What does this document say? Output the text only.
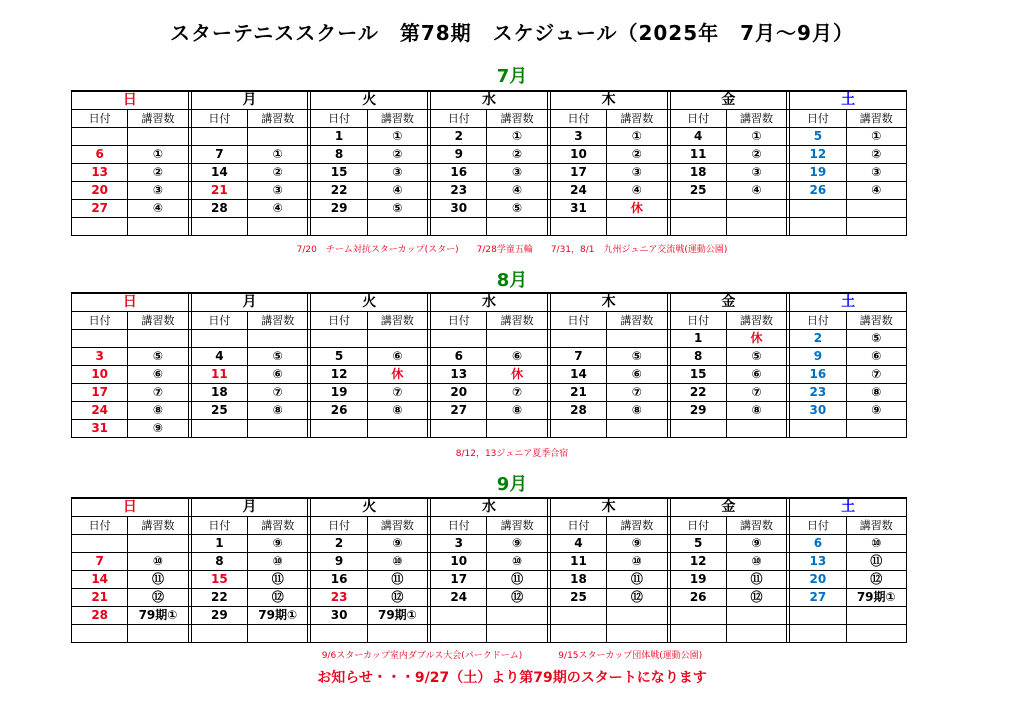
スターテニススクール　第78期　スケジュール（2025年　7月～9月）
7月
日			月			火			水			木			金			土	
日付	講習数		日付	講習数		日付	講習数		日付	講習数		日付	講習数		日付	講習数		日付	講習数
						1	①		2	①		3	①		4	①		5	①
6	①		7	①		8	②		9	②		10	②		11	②		12	②
13	②		14	②		15	③		16	③		17	③		18	③		19	③
20	③		21	③		22	④		23	④		24	④		25	④		26	④
27	④		28	④		29	⑤		30	⑤		31	休						

7/20　チーム対抗スターカップ(スター)　　7/28学童五輪　　7/31，8/1　九州ジュニア交流戦(運動公園)
8月
日			月			火			水			木			金			土	
日付	講習数		日付	講習数		日付	講習数		日付	講習数		日付	講習数		日付	講習数		日付	講習数
															1	休		2	⑤
3	⑤		4	⑤		5	⑥		6	⑥		7	⑤		8	⑤		9	⑥
10	⑥		11	⑥		12	休		13	休		14	⑥		15	⑥		16	⑦
17	⑦		18	⑦		19	⑦		20	⑦		21	⑦		22	⑦		23	⑧
24	⑧		25	⑧		26	⑧		27	⑧		28	⑧		29	⑧		30	⑨
31	⑨																		
8/12，13ジュニア夏季合宿
9月
日			月			火			水			木			金			土	
日付	講習数		日付	講習数		日付	講習数		日付	講習数		日付	講習数		日付	講習数		日付	講習数
			1	⑨		2	⑨		3	⑨		4	⑨		5	⑨		6	⑩
7	⑩		8	⑩		9	⑩		10	⑩		11	⑩		12	⑩		13	⑪
14	⑪		15	⑪		16	⑪		17	⑪		18	⑪		19	⑪		20	⑫
21	⑫		22	⑫		23	⑫		24	⑫		25	⑫		26	⑫		27	79期①
28	79期①		29	79期①		30	79期①												

9/6スターカップ室内ダブルス大会(パークドーム)　　　　9/15スターカップ団体戦(運動公園)
お知らせ・・・9/27（土）より第79期のスタートになります
